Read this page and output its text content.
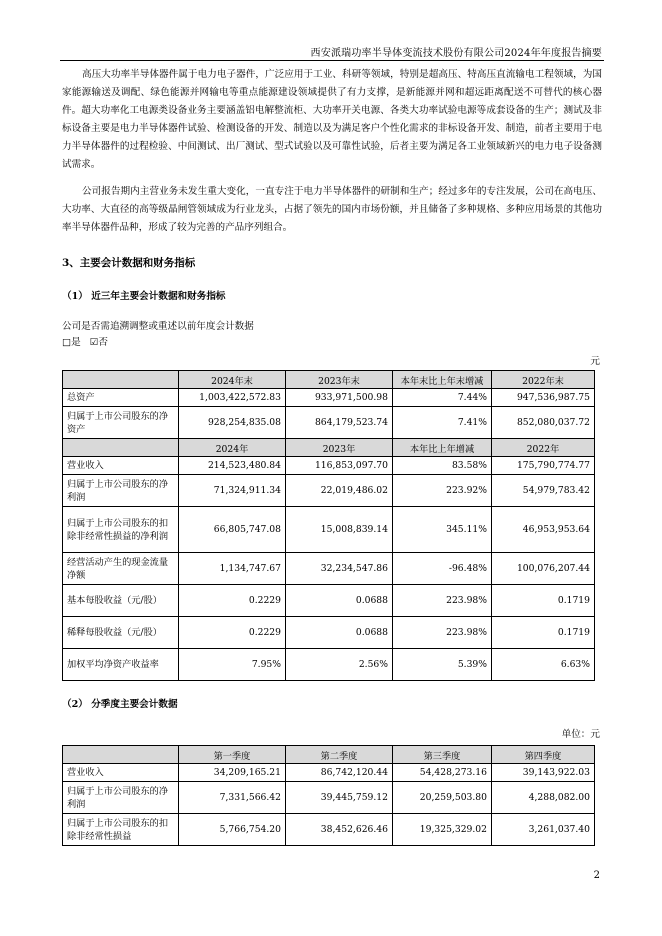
西安派瑞功率半导体变流技术股份有限公司2024年年度报告摘要

高压大功率半导体器件属于电力电子器件，广泛应用于工业、科研等领域，特别是超高压、特高压直流输电工程领域，为国家能源输送及调配、绿色能源并网输电等重点能源建设领域提供了有力支撑，是新能源并网和超远距离配送不可替代的核心器件。超大功率化工电源类设备业务主要涵盖铝电解整流柜、大功率开关电源、各类大功率试验电源等成套设备的生产；测试及非标设备主要是电力半导体器件试验、检测设备的开发、制造以及为满足客户个性化需求的非标设备开发、制造，前者主要用于电力半导体器件的过程检验、中间测试、出厂测试、型式试验以及可靠性试验，后者主要为满足各工业领域新兴的电力电子设备测试需求。

公司报告期内主营业务未发生重大变化，一直专注于电力半导体器件的研制和生产；经过多年的专注发展，公司在高电压、大功率、大直径的高等级晶闸管领域成为行业龙头，占据了领先的国内市场份额，并且储备了多种规格、多种应用场景的其他功率半导体器件品种，形成了较为完善的产品序列组合。

3、主要会计数据和财务指标
（1） 近三年主要会计数据和财务指标
公司是否需追溯调整或重述以前年度会计数据
□是 ☑否
元
	2024年末	2023年末	本年末比上年末增减	2022年末
总资产	1,003,422,572.83	933,971,500.98	7.44%	947,536,987.75
归属于上市公司股东的净资产	928,254,835.08	864,179,523.74	7.41%	852,080,037.72
	2024年	2023年	本年比上年增减	2022年
营业收入	214,523,480.84	116,853,097.70	83.58%	175,790,774.77
归属于上市公司股东的净利润	71,324,911.34	22,019,486.02	223.92%	54,979,783.42
归属于上市公司股东的扣除非经常性损益的净利润	66,805,747.08	15,008,839.14	345.11%	46,953,953.64
经营活动产生的现金流量净额	1,134,747.67	32,234,547.86	-96.48%	100,076,207.44
基本每股收益（元/股）	0.2229	0.0688	223.98%	0.1719
稀释每股收益（元/股）	0.2229	0.0688	223.98%	0.1719
加权平均净资产收益率	7.95%	2.56%	5.39%	6.63%
（2） 分季度主要会计数据
单位：元
	第一季度	第二季度	第三季度	第四季度
营业收入	34,209,165.21	86,742,120.44	54,428,273.16	39,143,922.03
归属于上市公司股东的净利润	7,331,566.42	39,445,759.12	20,259,503.80	4,288,082.00
归属于上市公司股东的扣除非经常性损益	5,766,754.20	38,452,626.46	19,325,329.02	3,261,037.40
2
